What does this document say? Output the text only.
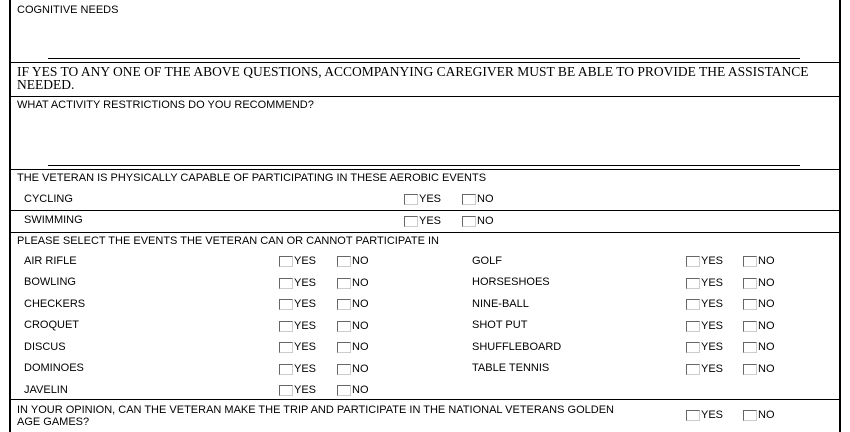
COGNITIVE NEEDS
IF YES TO ANY ONE OF THE ABOVE QUESTIONS, ACCOMPANYING CAREGIVER MUST BE ABLE TO PROVIDE THE ASSISTANCE NEEDED.
WHAT ACTIVITY RESTRICTIONS DO YOU RECOMMEND?
THE VETERAN IS PHYSICALLY CAPABLE OF PARTICIPATING IN THESE AEROBIC EVENTS
CYCLING	YES	NO
SWIMMING	YES	NO
PLEASE SELECT THE EVENTS THE VETERAN CAN OR CANNOT PARTICIPATE IN
AIR RIFLE	YES	NO	GOLF	YES	NO
BOWLING	YES	NO	HORSESHOES	YES	NO
CHECKERS	YES	NO	NINE-BALL	YES	NO
CROQUET	YES	NO	SHOT PUT	YES	NO
DISCUS	YES	NO	SHUFFLEBOARD	YES	NO
DOMINOES	YES	NO	TABLE TENNIS	YES	NO
JAVELIN	YES	NO
IN YOUR OPINION, CAN THE VETERAN MAKE THE TRIP AND PARTICIPATE IN THE NATIONAL VETERANS GOLDEN
AGE GAMES?
YES	NO
